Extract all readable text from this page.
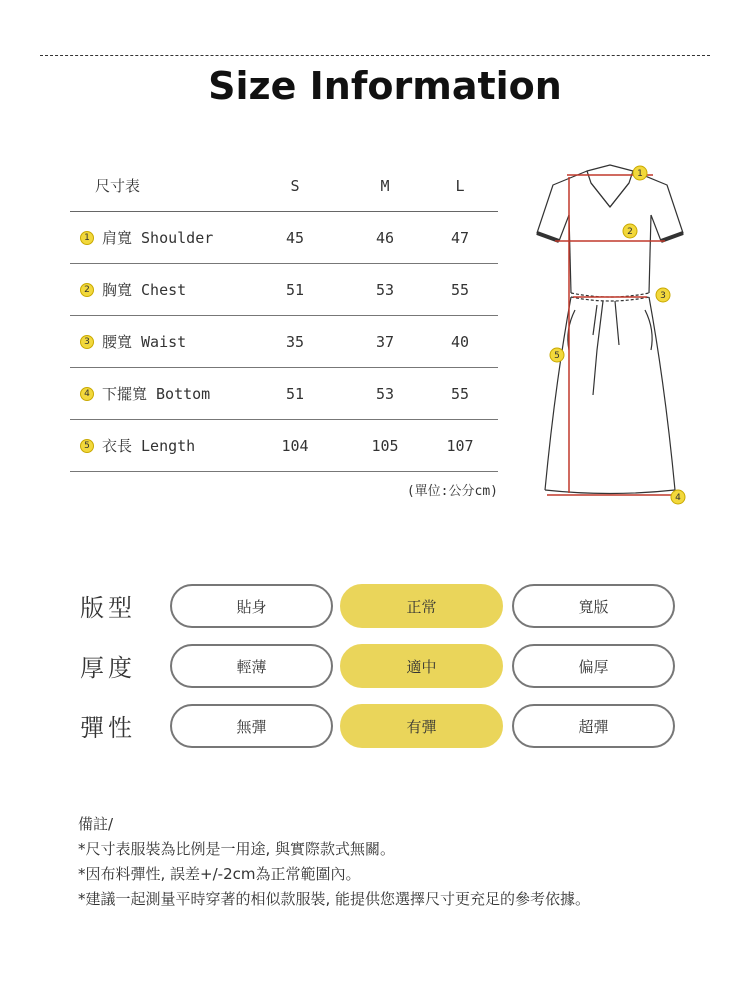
Size Information
尺寸表	S	M	L
1 肩寬 Shoulder	45	46	47
2 胸寬 Chest	51	53	55
3 腰寬 Waist	35	37	40
4 下擺寬 Bottom	51	53	55
5 衣長 Length	104	105	107
(單位:公分cm)
1
2
3
4
5
版型	貼身	正常	寬版
厚度	輕薄	適中	偏厚
彈性	無彈	有彈	超彈
備註/
*尺寸表服裝為比例是一用途, 與實際款式無關。
*因布料彈性, 誤差+/-2cm為正常範圍內。
*建議一起測量平時穿著的相似款服裝, 能提供您選擇尺寸更充足的參考依據。
